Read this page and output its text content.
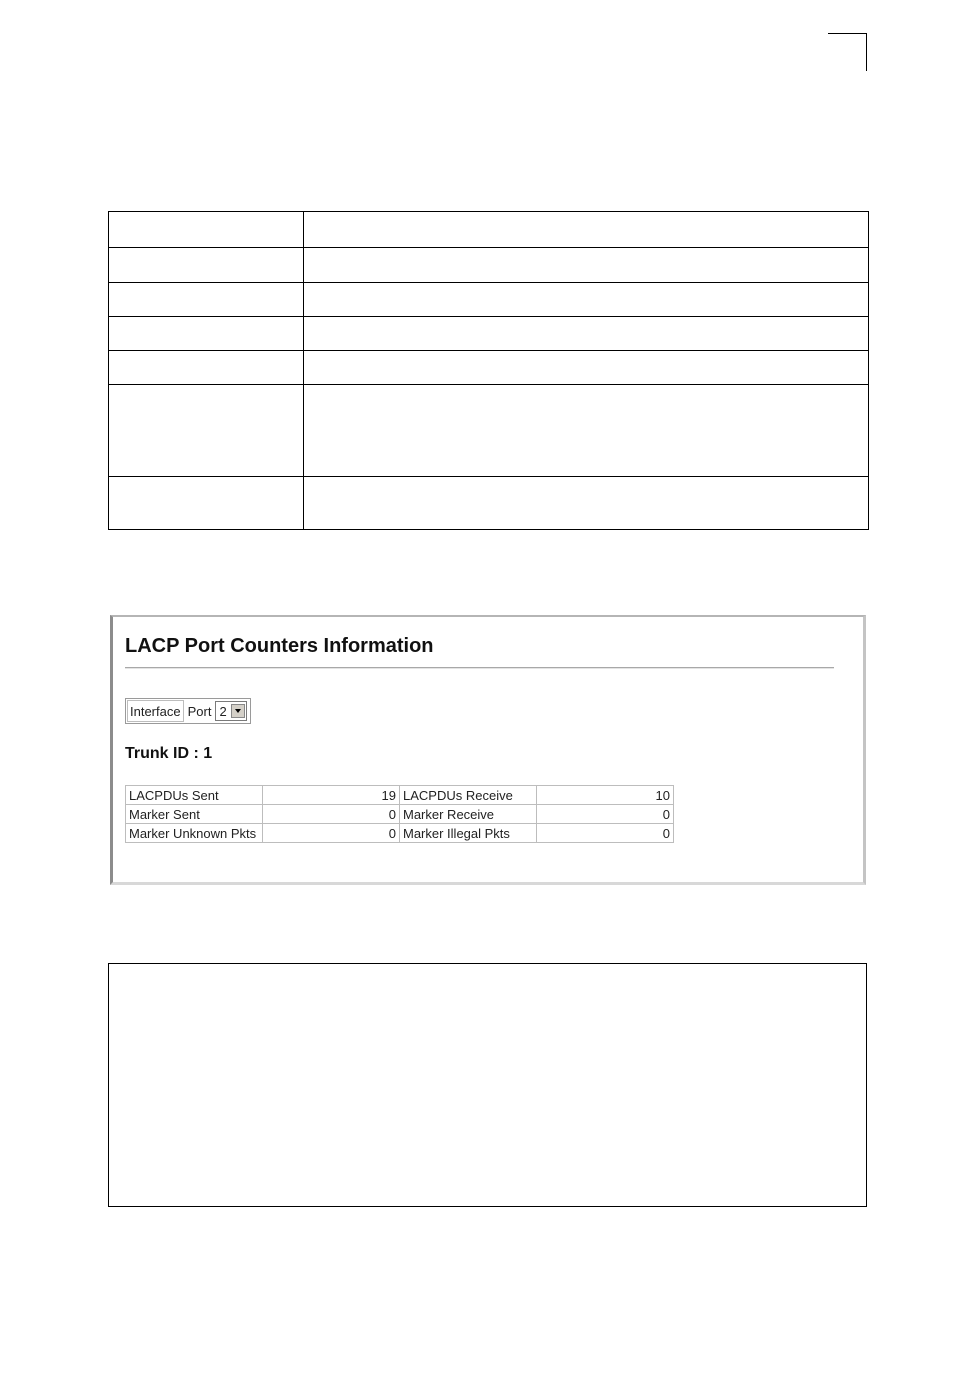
LACP Port Counters Information
Interface Port 2
Trunk ID : 1
LACPDUs Sent	19	LACPDUs Receive	10
Marker Sent	0	Marker Receive	0
Marker Unknown Pkts	0	Marker Illegal Pkts	0
